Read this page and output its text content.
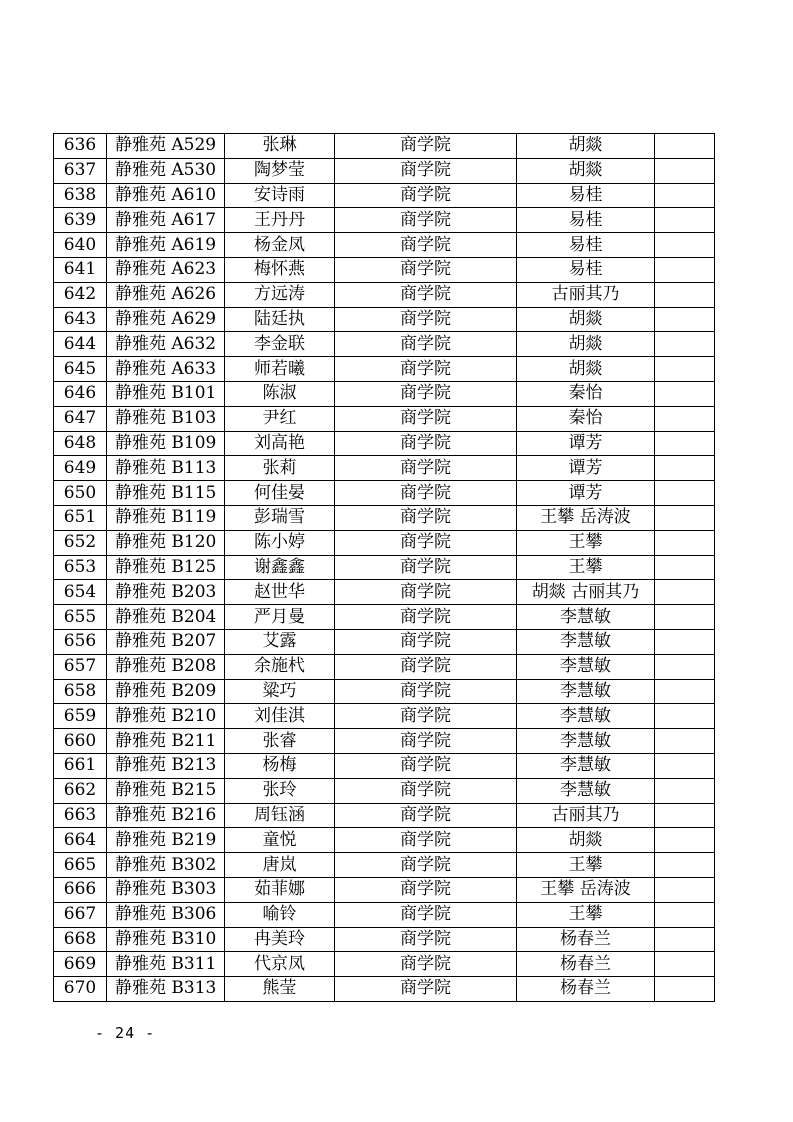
636	静雅苑 A529	张琳	商学院	胡燚	
637	静雅苑 A530	陶梦莹	商学院	胡燚	
638	静雅苑 A610	安诗雨	商学院	易桂	
639	静雅苑 A617	王丹丹	商学院	易桂	
640	静雅苑 A619	杨金凤	商学院	易桂	
641	静雅苑 A623	梅怀燕	商学院	易桂	
642	静雅苑 A626	方远涛	商学院	古丽其乃	
643	静雅苑 A629	陆廷执	商学院	胡燚	
644	静雅苑 A632	李金联	商学院	胡燚	
645	静雅苑 A633	师若曦	商学院	胡燚	
646	静雅苑 B101	陈淑	商学院	秦怡	
647	静雅苑 B103	尹红	商学院	秦怡	
648	静雅苑 B109	刘高艳	商学院	谭芳	
649	静雅苑 B113	张莉	商学院	谭芳	
650	静雅苑 B115	何佳晏	商学院	谭芳	
651	静雅苑 B119	彭瑞雪	商学院	王攀 岳涛波	
652	静雅苑 B120	陈小婷	商学院	王攀	
653	静雅苑 B125	谢鑫鑫	商学院	王攀	
654	静雅苑 B203	赵世华	商学院	胡燚 古丽其乃	
655	静雅苑 B204	严月曼	商学院	李慧敏	
656	静雅苑 B207	艾露	商学院	李慧敏	
657	静雅苑 B208	余施杙	商学院	李慧敏	
658	静雅苑 B209	粱巧	商学院	李慧敏	
659	静雅苑 B210	刘佳淇	商学院	李慧敏	
660	静雅苑 B211	张睿	商学院	李慧敏	
661	静雅苑 B213	杨梅	商学院	李慧敏	
662	静雅苑 B215	张玲	商学院	李慧敏	
663	静雅苑 B216	周钰涵	商学院	古丽其乃	
664	静雅苑 B219	童悦	商学院	胡燚	
665	静雅苑 B302	唐岚	商学院	王攀	
666	静雅苑 B303	茹菲娜	商学院	王攀 岳涛波	
667	静雅苑 B306	喻铃	商学院	王攀	
668	静雅苑 B310	冉美玲	商学院	杨春兰	
669	静雅苑 B311	代京凤	商学院	杨春兰	
670	静雅苑 B313	熊莹	商学院	杨春兰	
- 24 -
